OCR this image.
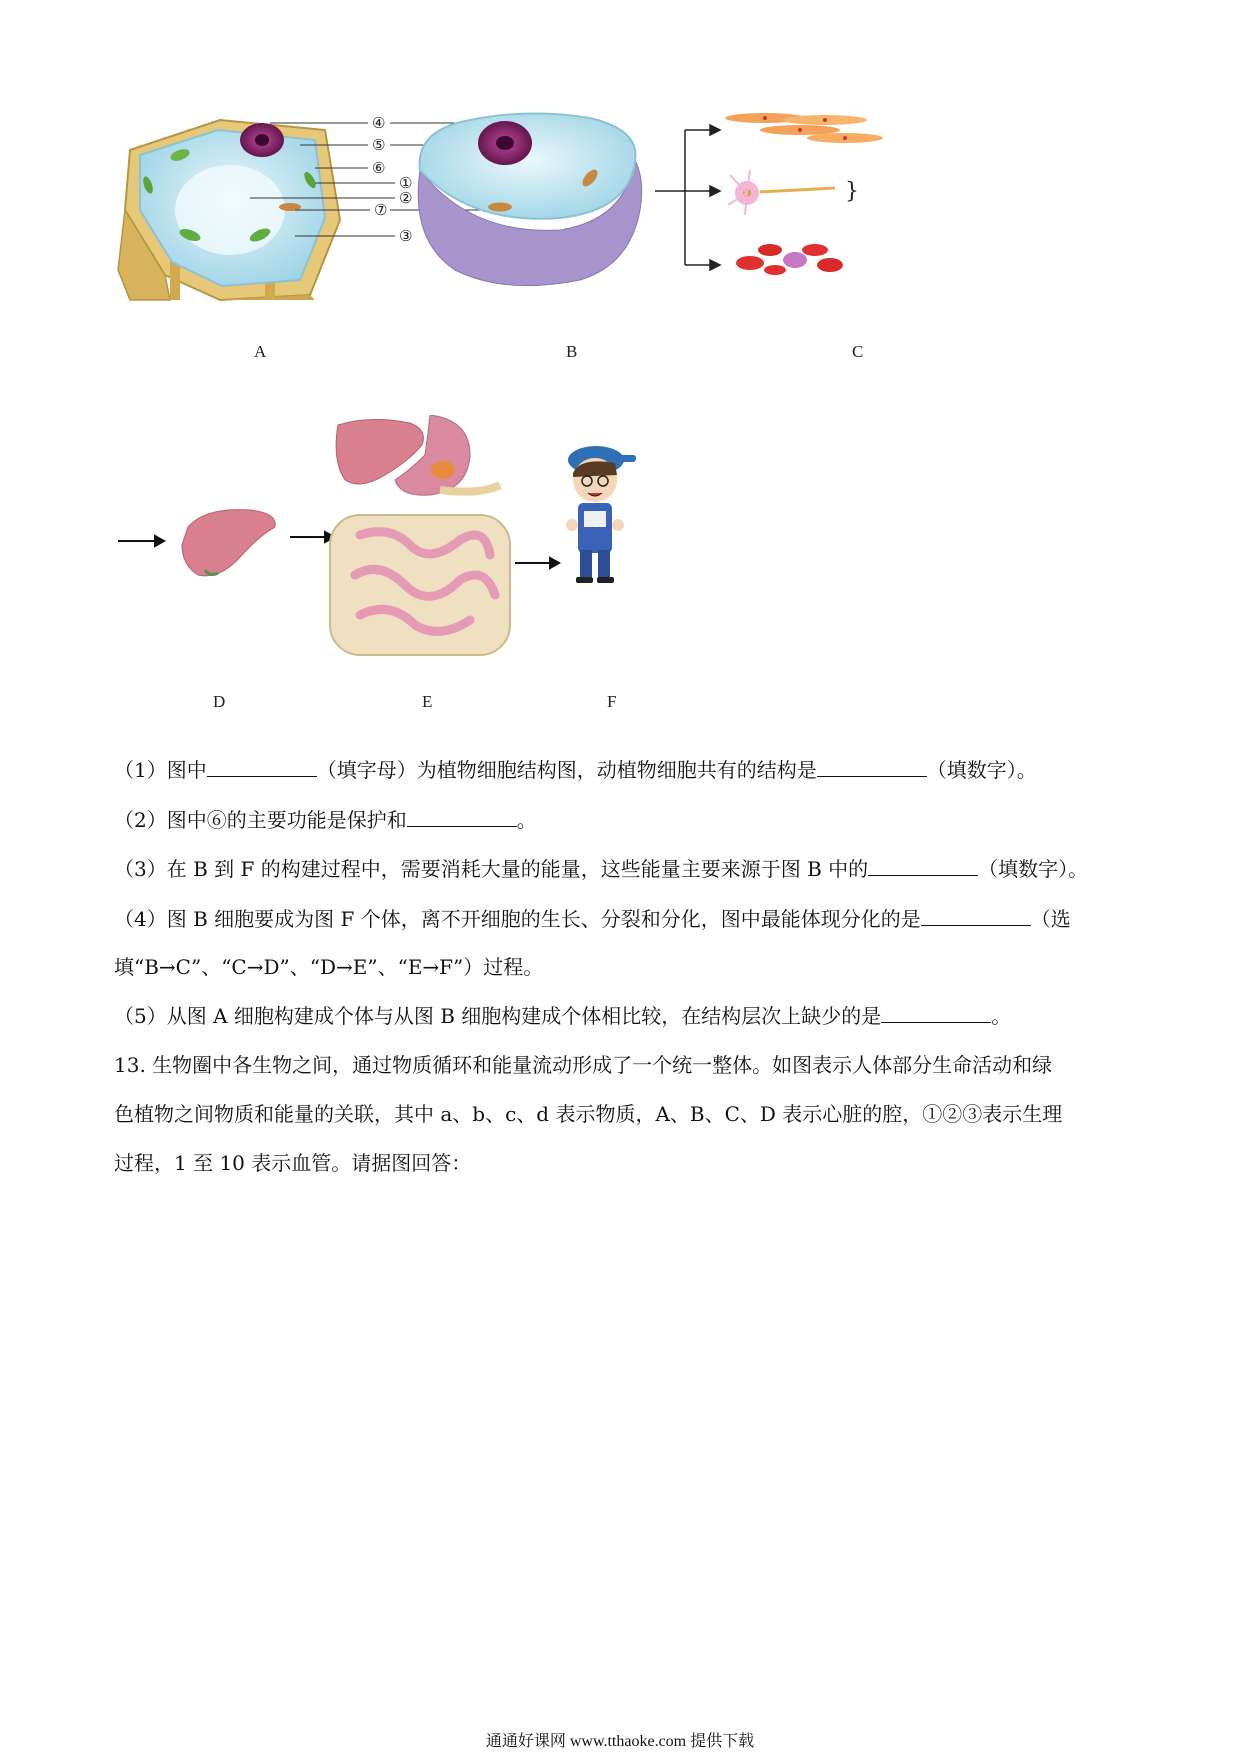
④
⑤
⑥
①
②
⑦
③
}
A	B	C
D	E	F
（1）图中	（填字母）为植物细胞结构图，动植物细胞共有的结构是	（填数字）。
（2）图中⑥的主要功能是保护和	。
（3）在 B 到 F 的构建过程中，需要消耗大量的能量，这些能量主要来源于图 B 中的	（填数字）。
（4）图 B 细胞要成为图 F 个体，离不开细胞的生长、分裂和分化，图中最能体现分化的是	（选
填“B→C”、“C→D”、“D→E”、“E→F”）过程。
（5）从图 A 细胞构建成个体与从图 B 细胞构建成个体相比较，在结构层次上缺少的是	。
13. 生物圈中各生物之间，通过物质循环和能量流动形成了一个统一整体。如图表示人体部分生命活动和绿
色植物之间物质和能量的关联，其中 a、b、c、d 表示物质，A、B、C、D 表示心脏的腔，①②③表示生理
过程，1 至 10 表示血管。请据图回答：
通通好课网 www.tthaoke.com 提供下载
